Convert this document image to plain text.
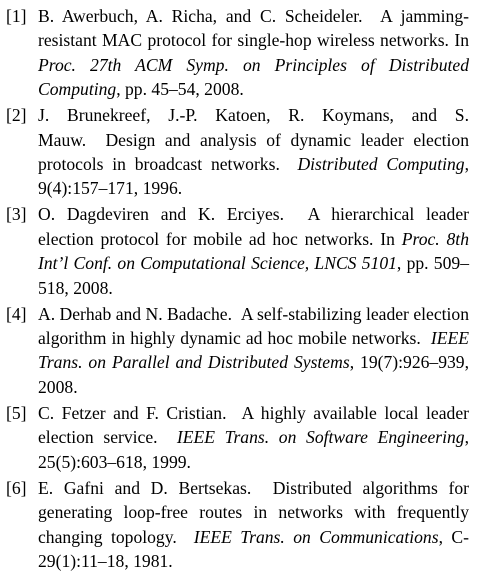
[1] B. Awerbuch, A. Richa, and C. Scheideler. A jamming-resistant MAC protocol for single-hop wireless networks. In Proc. 27th ACM Symp. on Principles of Distributed Computing, pp. 45–54, 2008.
[2] J. Brunekreef, J.-P. Katoen, R. Koymans, and S. Mauw. Design and analysis of dynamic leader election protocols in broadcast networks. Distributed Computing, 9(4):157–171, 1996.
[3] O. Dagdeviren and K. Erciyes. A hierarchical leader election protocol for mobile ad hoc networks. In Proc. 8th Int’l Conf. on Computational Science, LNCS 5101, pp. 509–518, 2008.
[4] A. Derhab and N. Badache. A self-stabilizing leader election algorithm in highly dynamic ad hoc mobile networks. IEEE Trans. on Parallel and Distributed Systems, 19(7):926–939, 2008.
[5] C. Fetzer and F. Cristian. A highly available local leader election service. IEEE Trans. on Software Engineering, 25(5):603–618, 1999.
[6] E. Gafni and D. Bertsekas. Distributed algorithms for generating loop-free routes in networks with frequently changing topology. IEEE Trans. on Communications, C-29(1):11–18, 1981.
